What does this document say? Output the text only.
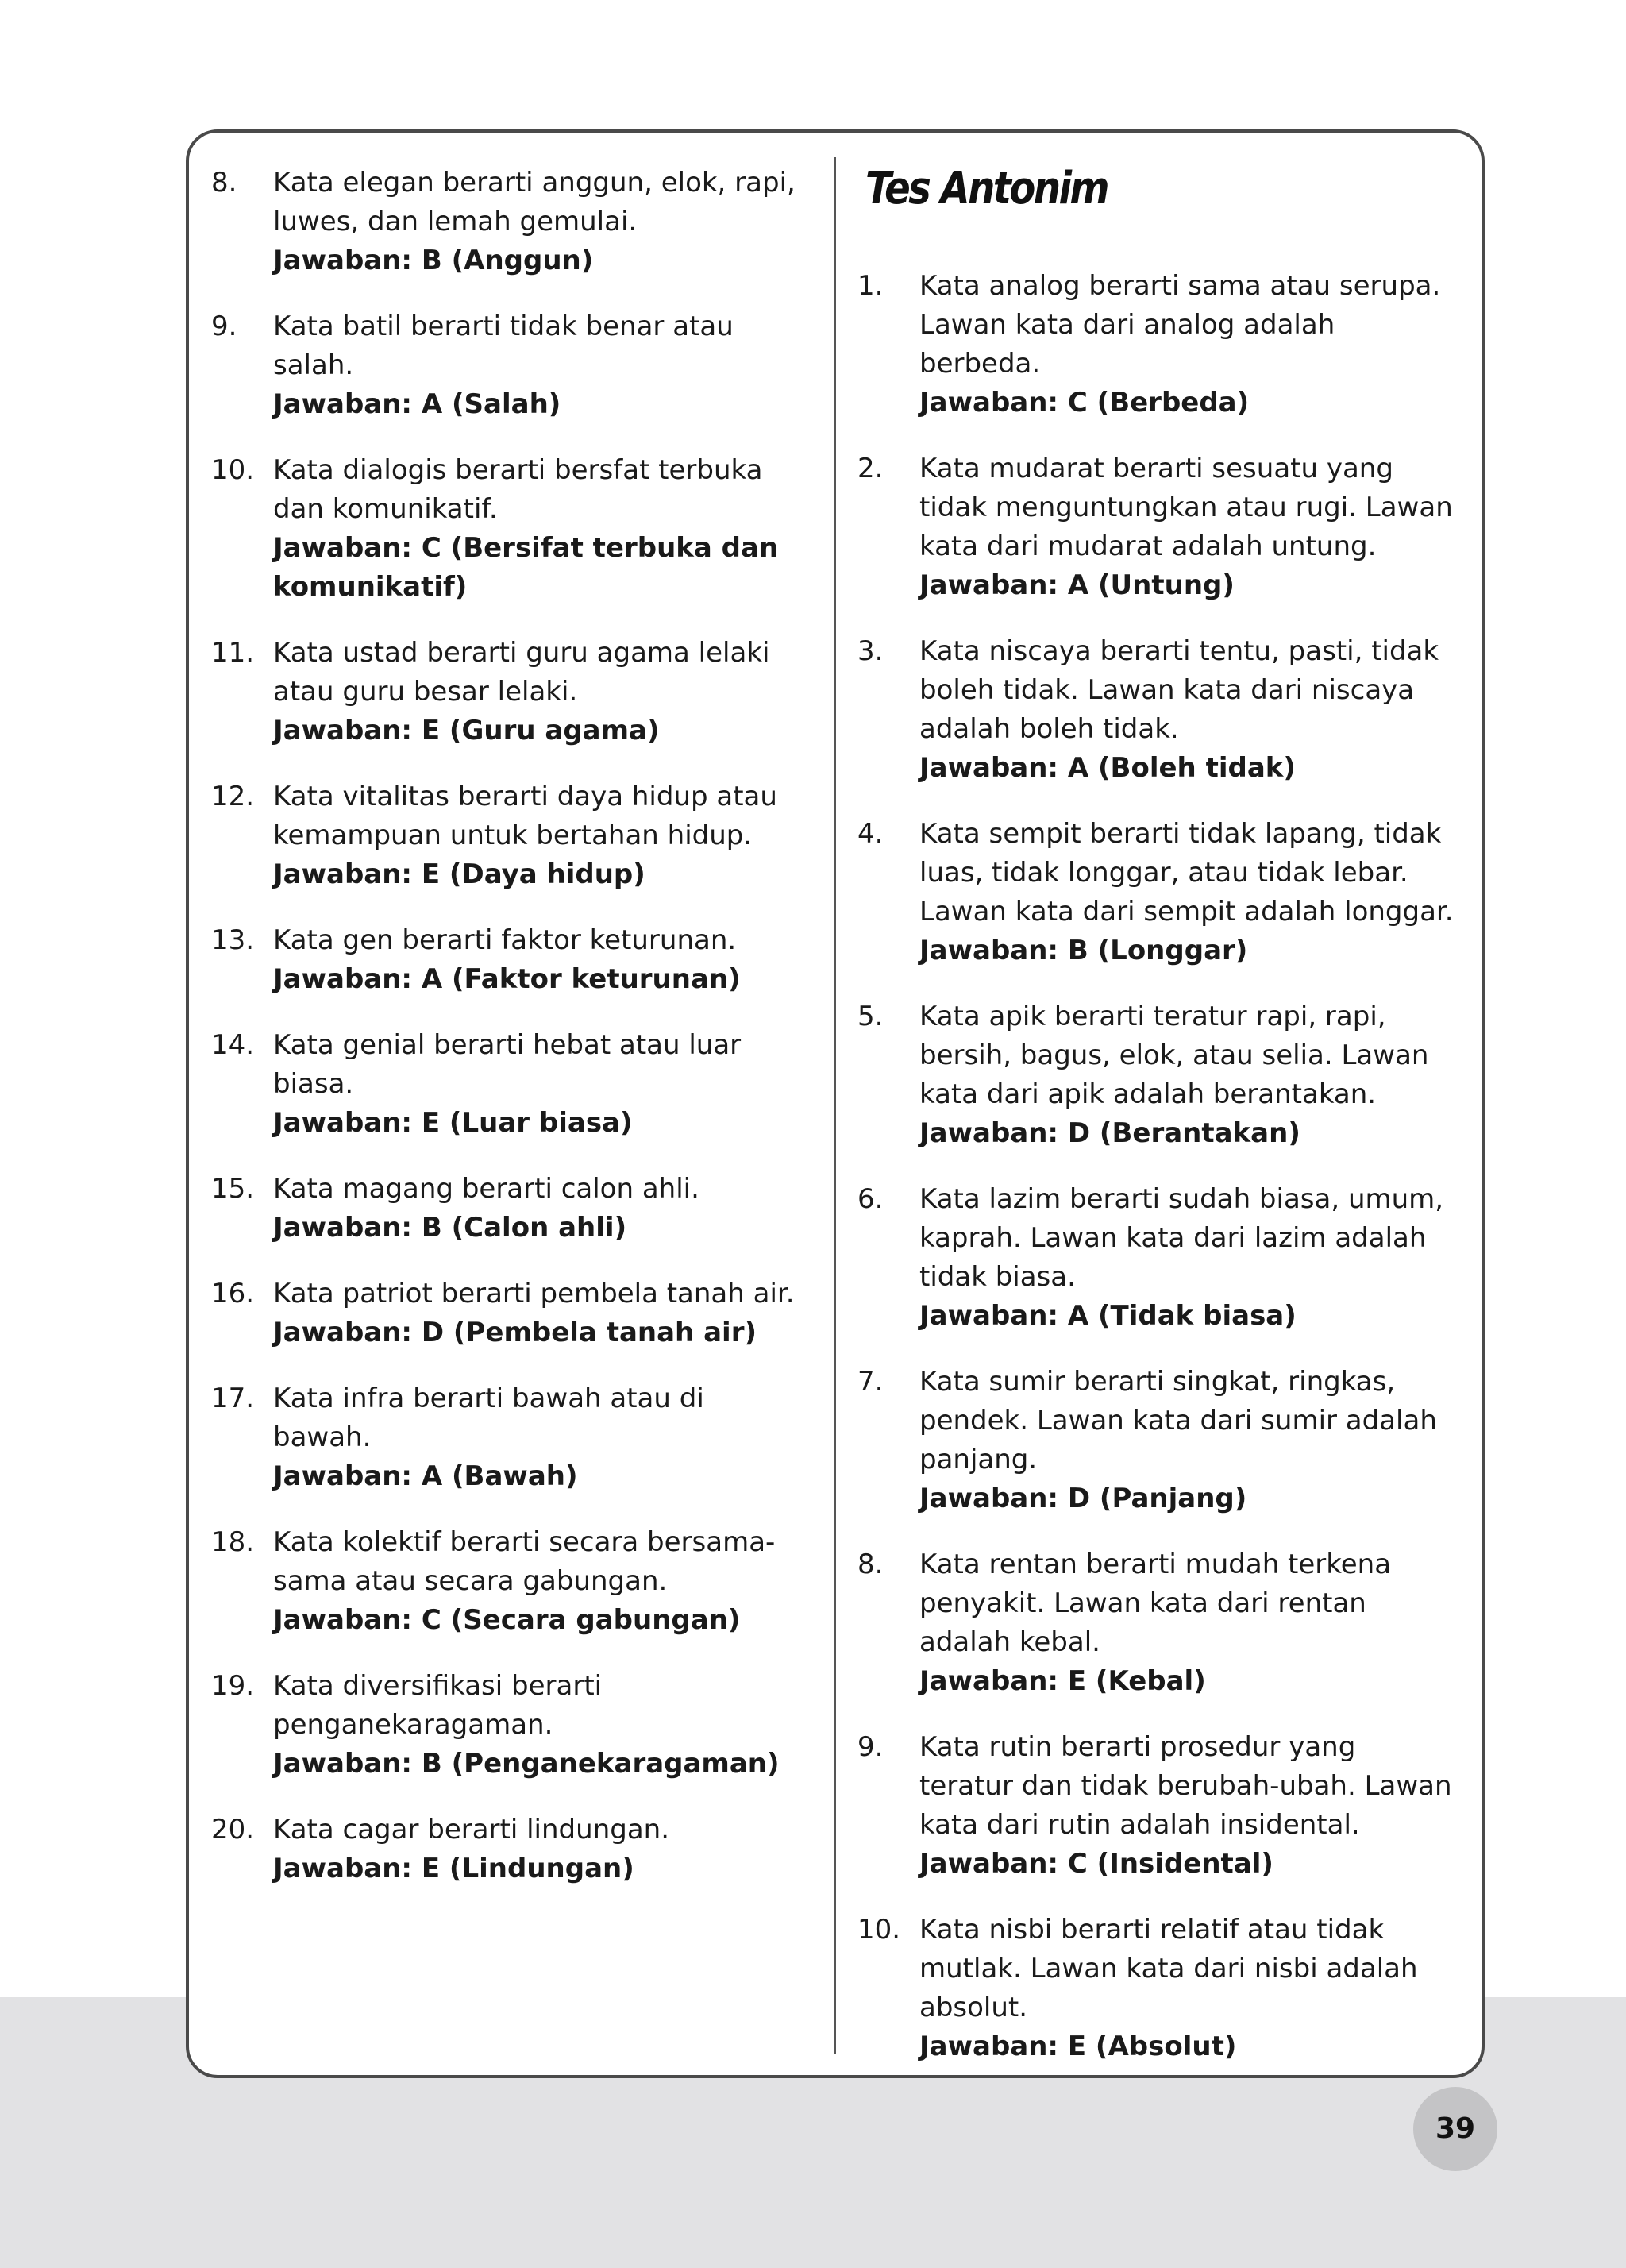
8. Kata elegan berarti anggun, elok, rapi, luwes, dan lemah gemulai.
Jawaban: B (Anggun)
9. Kata batil berarti tidak benar atau salah.
Jawaban: A (Salah)
10. Kata dialogis berarti bersfat terbuka dan komunikatif.
Jawaban: C (Bersifat terbuka dan komunikatif)
11. Kata ustad berarti guru agama lelaki atau guru besar lelaki.
Jawaban: E (Guru agama)
12. Kata vitalitas berarti daya hidup atau kemampuan untuk bertahan hidup.
Jawaban: E (Daya hidup)
13. Kata gen berarti faktor keturunan.
Jawaban: A (Faktor keturunan)
14. Kata genial berarti hebat atau luar biasa.
Jawaban: E (Luar biasa)
15. Kata magang berarti calon ahli.
Jawaban: B (Calon ahli)
16. Kata patriot berarti pembela tanah air.
Jawaban: D (Pembela tanah air)
17. Kata infra berarti bawah atau di bawah.
Jawaban: A (Bawah)
18. Kata kolektif berarti secara bersama-sama atau secara gabungan.
Jawaban: C (Secara gabungan)
19. Kata diversifikasi berarti penganekaragaman.
Jawaban: B (Penganekaragaman)
20. Kata cagar berarti lindungan.
Jawaban: E (Lindungan)
Tes Antonim
1. Kata analog berarti sama atau serupa. Lawan kata dari analog adalah berbeda.
Jawaban: C (Berbeda)
2. Kata mudarat berarti sesuatu yang tidak menguntungkan atau rugi. Lawan kata dari mudarat adalah untung.
Jawaban: A (Untung)
3. Kata niscaya berarti tentu, pasti, tidak boleh tidak. Lawan kata dari niscaya adalah boleh tidak.
Jawaban: A (Boleh tidak)
4. Kata sempit berarti tidak lapang, tidak luas, tidak longgar, atau tidak lebar. Lawan kata dari sempit adalah longgar.
Jawaban: B (Longgar)
5. Kata apik berarti teratur rapi, rapi, bersih, bagus, elok, atau selia. Lawan kata dari apik adalah berantakan.
Jawaban: D (Berantakan)
6. Kata lazim berarti sudah biasa, umum, kaprah. Lawan kata dari lazim adalah tidak biasa.
Jawaban: A (Tidak biasa)
7. Kata sumir berarti singkat, ringkas, pendek. Lawan kata dari sumir adalah panjang.
Jawaban: D (Panjang)
8. Kata rentan berarti mudah terkena penyakit. Lawan kata dari rentan adalah kebal.
Jawaban: E (Kebal)
9. Kata rutin berarti prosedur yang teratur dan tidak berubah-ubah. Lawan kata dari rutin adalah insidental.
Jawaban: C (Insidental)
10. Kata nisbi berarti relatif atau tidak mutlak. Lawan kata dari nisbi adalah absolut.
Jawaban: E (Absolut)
39
